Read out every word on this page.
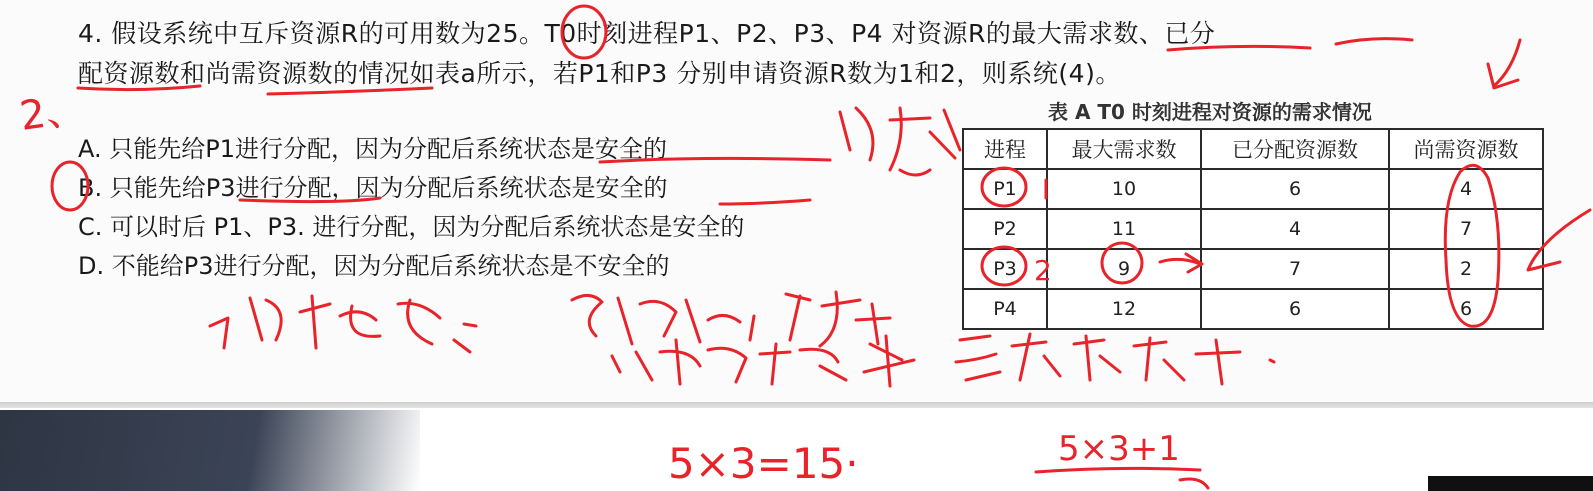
4. 假设系统中互斥资源R的可用数为25。T0时刻进程P1、P2、P3、P4 对资源R的最大需求数、已分
配资源数和尚需资源数的情况如表a所示，若P1和P3 分别申请资源R数为1和2，则系统(4)。
A. 只能先给P1进行分配，因为分配后系统状态是安全的
B. 只能先给P3进行分配，因为分配后系统状态是安全的
C. 可以时后 P1、P3. 进行分配，因为分配后系统状态是安全的
D. 不能给P3进行分配，因为分配后系统状态是不安全的
表 A T0 时刻进程对资源的需求情况
进程	最大需求数	已分配资源数	尚需资源数
P1	10	6	4
P2	11	4	7
P3	9	7	2
P4	12	6	6
2、
2
5×3=15·	5×3+1
